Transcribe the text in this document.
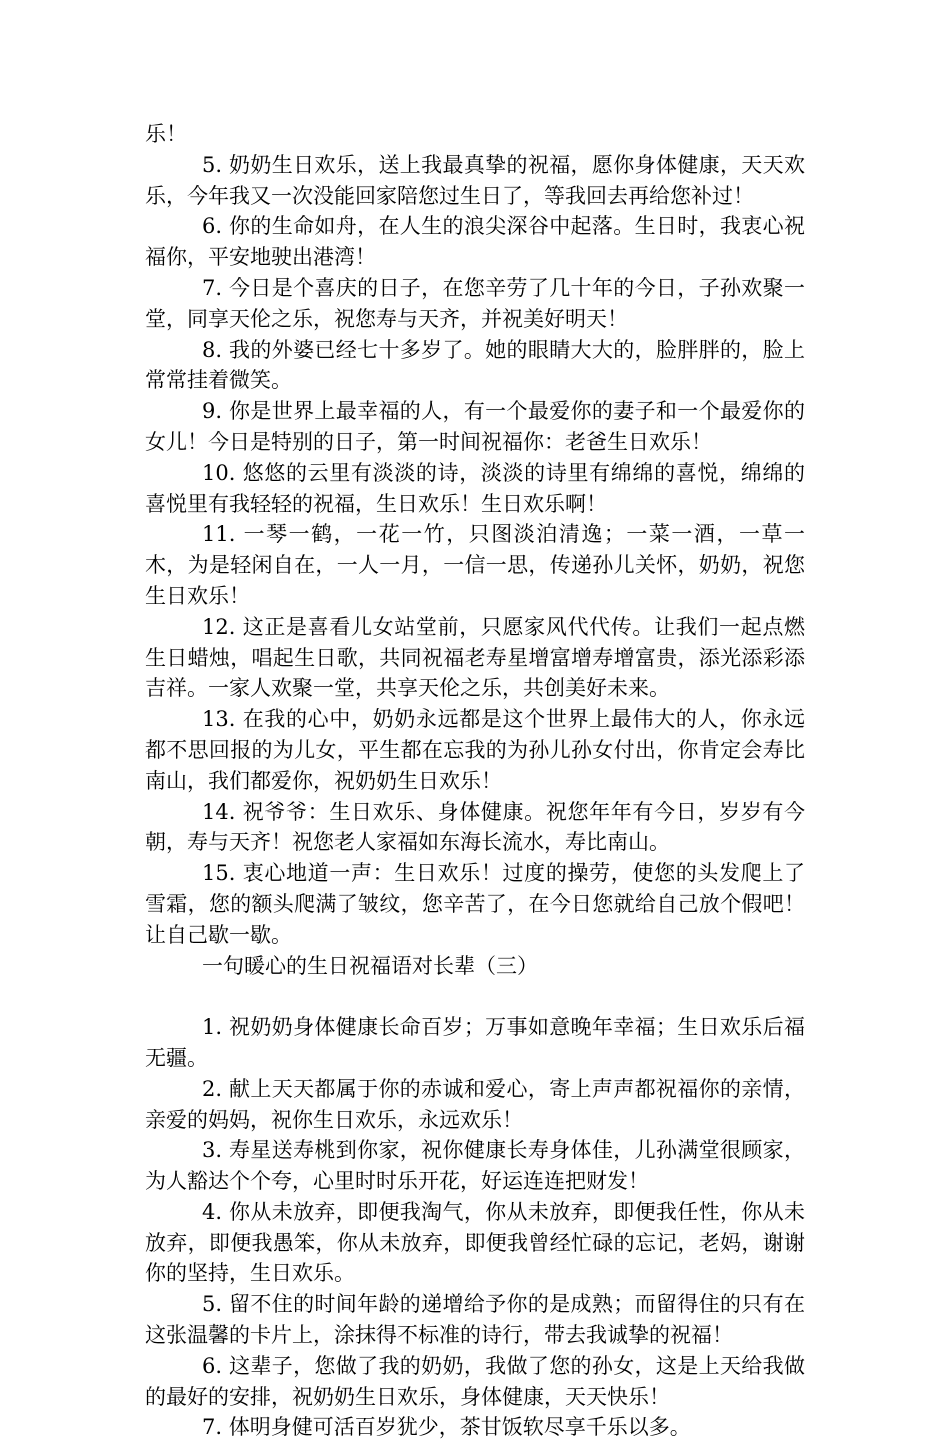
乐！

5. 奶奶生日欢乐，送上我最真挚的祝福，愿你身体健康，天天欢乐，今年我又一次没能回家陪您过生日了，等我回去再给您补过！

6. 你的生命如舟，在人生的浪尖深谷中起落。生日时，我衷心祝福你，平安地驶出港湾！

7. 今日是个喜庆的日子，在您辛劳了几十年的今日，子孙欢聚一堂，同享天伦之乐，祝您寿与天齐，并祝美好明天！

8. 我的外婆已经七十多岁了。她的眼睛大大的，脸胖胖的，脸上常常挂着微笑。

9. 你是世界上最幸福的人，有一个最爱你的妻子和一个最爱你的女儿！今日是特别的日子，第一时间祝福你：老爸生日欢乐！

10. 悠悠的云里有淡淡的诗，淡淡的诗里有绵绵的喜悦，绵绵的喜悦里有我轻轻的祝福，生日欢乐！生日欢乐啊！

11. 一琴一鹤，一花一竹，只图淡泊清逸；一菜一酒，一草一木，为是轻闲自在，一人一月，一信一思，传递孙儿关怀，奶奶，祝您生日欢乐！

12. 这正是喜看儿女站堂前，只愿家风代代传。让我们一起点燃生日蜡烛，唱起生日歌，共同祝福老寿星增富增寿增富贵，添光添彩添吉祥。一家人欢聚一堂，共享天伦之乐，共创美好未来。

13. 在我的心中，奶奶永远都是这个世界上最伟大的人，你永远都不思回报的为儿女，平生都在忘我的为孙儿孙女付出，你肯定会寿比南山，我们都爱你，祝奶奶生日欢乐！

14. 祝爷爷：生日欢乐、身体健康。祝您年年有今日，岁岁有今朝，寿与天齐！祝您老人家福如东海长流水，寿比南山。

15. 衷心地道一声：生日欢乐！过度的操劳，使您的头发爬上了雪霜，您的额头爬满了皱纹，您辛苦了，在今日您就给自己放个假吧！让自己歇一歇。

一句暖心的生日祝福语对长辈（三）

1. 祝奶奶身体健康长命百岁；万事如意晚年幸福；生日欢乐后福无疆。

2. 献上天天都属于你的赤诚和爱心，寄上声声都祝福你的亲情，亲爱的妈妈，祝你生日欢乐，永远欢乐！

3. 寿星送寿桃到你家，祝你健康长寿身体佳，儿孙满堂很顾家，为人豁达个个夸，心里时时乐开花，好运连连把财发！

4. 你从未放弃，即便我淘气，你从未放弃，即便我任性，你从未放弃，即便我愚笨，你从未放弃，即便我曾经忙碌的忘记，老妈，谢谢你的坚持，生日欢乐。

5. 留不住的时间年龄的递增给予你的是成熟；而留得住的只有在这张温馨的卡片上，涂抹得不标准的诗行，带去我诚挚的祝福！

6. 这辈子，您做了我的奶奶，我做了您的孙女，这是上天给我做的最好的安排，祝奶奶生日欢乐，身体健康，天天快乐！

7. 体明身健可活百岁犹少，茶甘饭软尽享千乐以多。
